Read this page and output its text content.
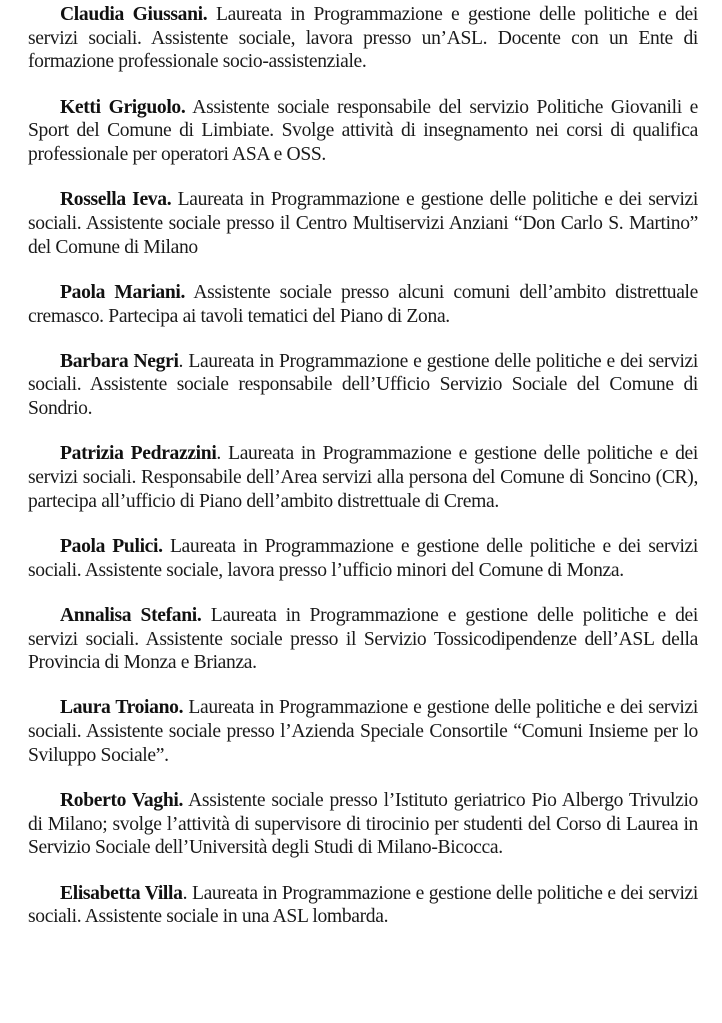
Claudia Giussani. Laureata in Programmazione e gestione delle politiche e dei servizi sociali. Assistente sociale, lavora presso un’ASL. Docente con un Ente di formazione professionale socio-assistenziale.

Ketti Griguolo. Assistente sociale responsabile del servizio Politiche Giovanili e Sport del Comune di Limbiate. Svolge attività di insegnamento nei corsi di qualifica professionale per operatori ASA e OSS.

Rossella Ieva. Laureata in Programmazione e gestione delle politiche e dei servizi sociali. Assistente sociale presso il Centro Multiservizi Anziani “Don Carlo S. Martino” del Comune di Milano

Paola Mariani. Assistente sociale presso alcuni comuni dell’ambito distrettuale cremasco. Partecipa ai tavoli tematici del Piano di Zona.

Barbara Negri. Laureata in Programmazione e gestione delle politiche e dei servizi sociali. Assistente sociale responsabile dell’Ufficio Servizio Sociale del Comune di Sondrio.

Patrizia Pedrazzini. Laureata in Programmazione e gestione delle politiche e dei servizi sociali. Responsabile dell’Area servizi alla persona del Comune di Soncino (CR), partecipa all’ufficio di Piano dell’ambito distrettuale di Crema.

Paola Pulici. Laureata in Programmazione e gestione delle politiche e dei servizi sociali. Assistente sociale, lavora presso l’ufficio minori del Comune di Monza.

Annalisa Stefani. Laureata in Programmazione e gestione delle politiche e dei servizi sociali. Assistente sociale presso il Servizio Tossicodipendenze dell’ASL della Provincia di Monza e Brianza.

Laura Troiano. Laureata in Programmazione e gestione delle politiche e dei servizi sociali. Assistente sociale presso l’Azienda Speciale Consortile “Comuni Insieme per lo Sviluppo Sociale”.

Roberto Vaghi. Assistente sociale presso l’Istituto geriatrico Pio Albergo Trivulzio di Milano; svolge l’attività di supervisore di tirocinio per studenti del Corso di Laurea in Servizio Sociale dell’Università degli Studi di Milano-Bicocca.

Elisabetta Villa. Laureata in Programmazione e gestione delle politiche e dei servizi sociali. Assistente sociale in una ASL lombarda.
